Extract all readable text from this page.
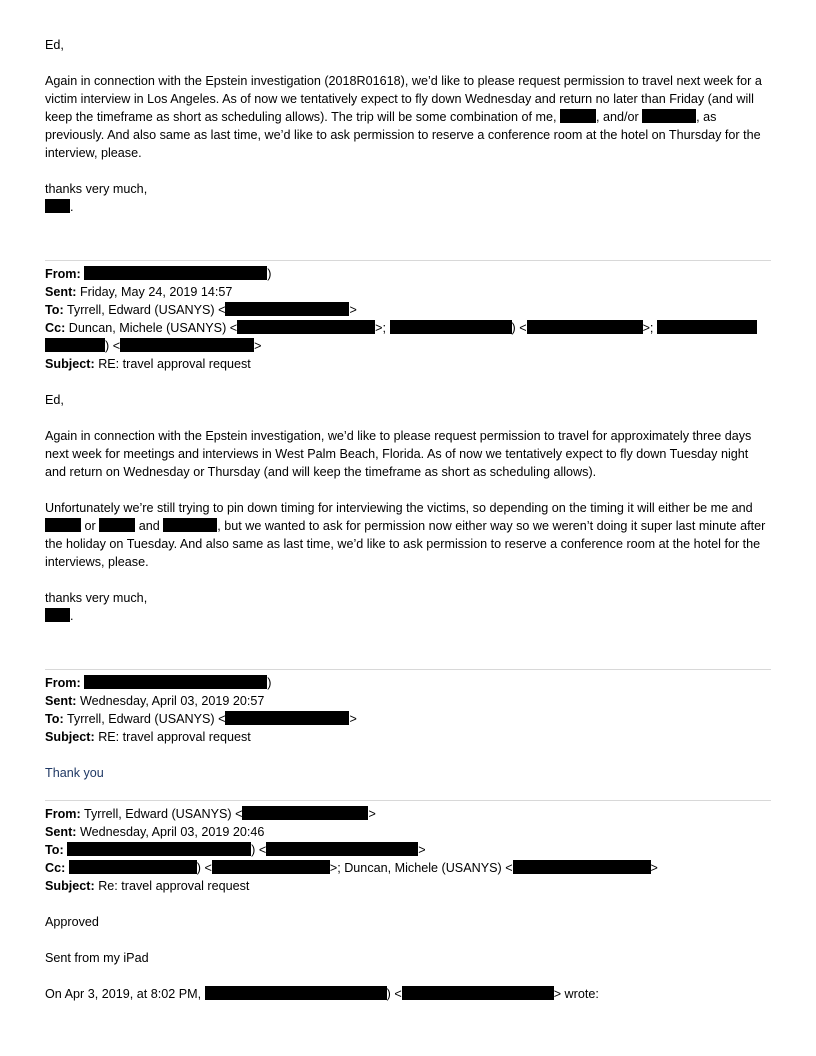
Ed,

Again in connection with the Epstein investigation (2018R01618), we’d like to please request permission to travel next week for a victim interview in Los Angeles. As of now we tentatively expect to fly down Wednesday and return no later than Friday (and will keep the timeframe as short as scheduling allows). The trip will be some combination of me,	, and/or	, as previously. And also same as last time, we’d like to ask permission to reserve a conference room at the hotel on Thursday for the interview, please.

thanks very much,

.

From:	)

Sent: Friday, May 24, 2019 14:57

To: Tyrrell, Edward (USANYS) <	>

Cc: Duncan, Michele (USANYS) <	>;	) <	>;
) <	>

Subject: RE: travel approval request

Ed,

Again in connection with the Epstein investigation, we’d like to please request permission to travel for approximately three days next week for meetings and interviews in West Palm Beach, Florida. As of now we tentatively expect to fly down Tuesday night and return on Wednesday or Thursday (and will keep the timeframe as short as scheduling allows).

Unfortunately we’re still trying to pin down timing for interviewing the victims, so depending on the timing it will either be me and  or	and	, but we wanted to ask for permission now either way so we weren’t doing it super last minute after the holiday on Tuesday. And also same as last time, we’d like to ask permission to reserve a conference room at the hotel for the interviews, please.

thanks very much,

.

From:	)

Sent: Wednesday, April 03, 2019 20:57

To: Tyrrell, Edward (USANYS) <	>

Subject: RE: travel approval request

Thank you

From: Tyrrell, Edward (USANYS) <	>

Sent: Wednesday, April 03, 2019 20:46

To:	) <	>

Cc:	) <	>; Duncan, Michele (USANYS) <	>

Subject: Re: travel approval request

Approved

Sent from my iPad

On Apr 3, 2019, at 8:02 PM,	) <	> wrote:
